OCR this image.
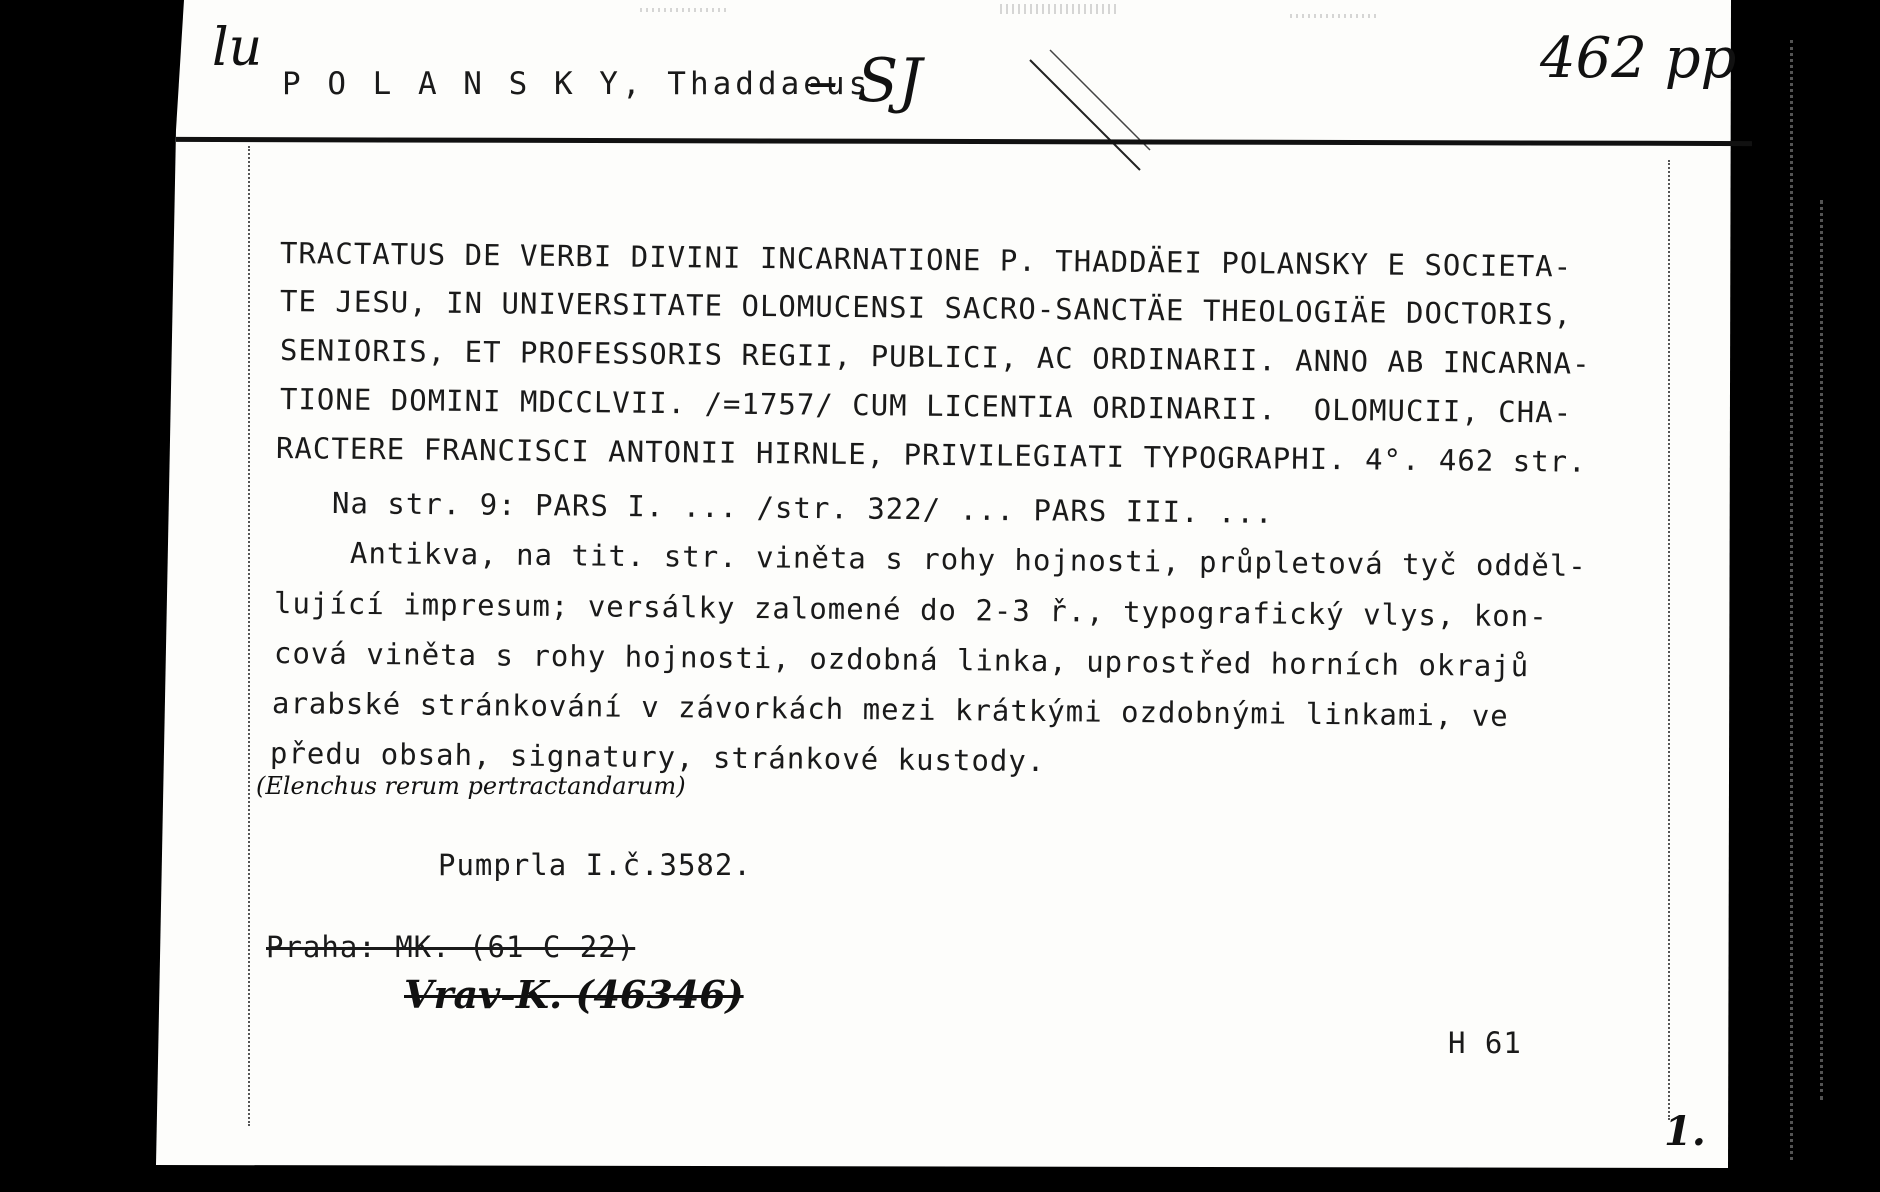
lu
P O L A N S K Y, Thaddaeus
– SJ	462 pp
TRACTATUS DE VERBI DIVINI INCARNATIONE P. THADDÄEI POLANSKY E SOCIETA-
TE JESU, IN UNIVERSITATE OLOMUCENSI SACRO-SANCTÄE THEOLOGIÄE DOCTORIS,
SENIORIS, ET PROFESSORIS REGII, PUBLICI, AC ORDINARII. ANNO AB INCARNA-
TIONE DOMINI MDCCLVII. /=1757/ CUM LICENTIA ORDINARII.  OLOMUCII, CHA-
RACTERE FRANCISCI ANTONII HIRNLE, PRIVILEGIATI TYPOGRAPHI. 4°. 462 str.
Na str. 9: PARS I. ... /str. 322/ ... PARS III. ...
Antikva, na tit. str. viněta s rohy hojnosti, průpletová tyč odděl-
lující impresum; versálky zalomené do 2-3 ř., typografický vlys, kon-
cová viněta s rohy hojnosti, ozdobná linka, uprostřed horních okrajů
arabské stránkování v závorkách mezi krátkými ozdobnými linkami, ve
předu obsah, signatury, stránkové kustody.
(Elenchus rerum pertractandarum)
Pumprla I.č.3582.
Praha: MK. (61 C 22)
Vrav-K. (46346)
H 61
1.
